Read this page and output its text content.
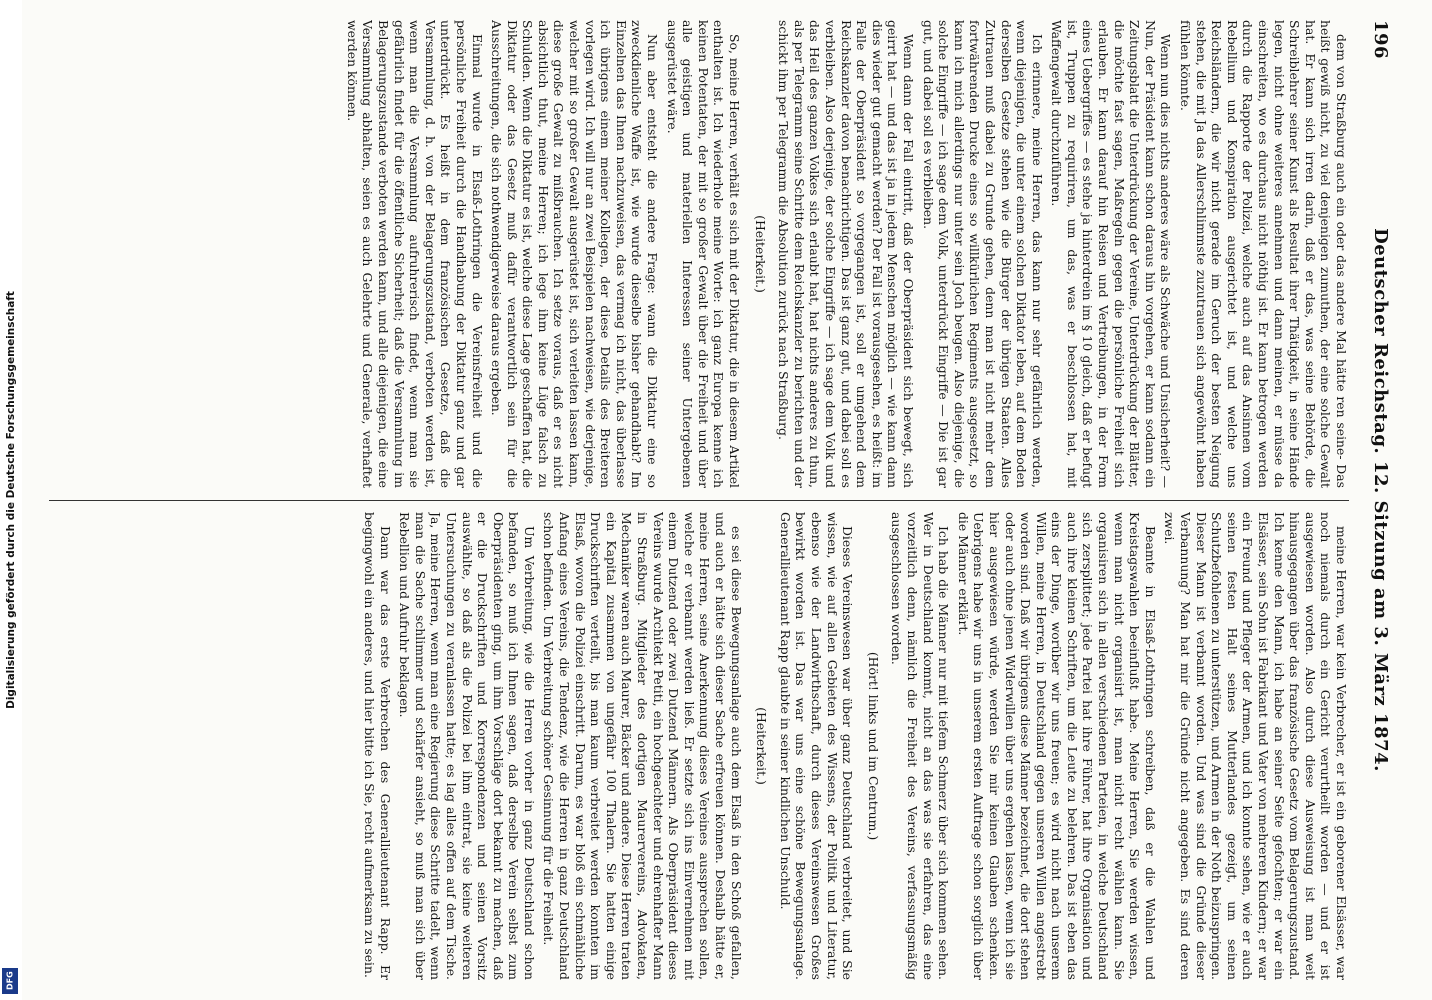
Digitalisierung gefördert durch die Deutsche Forschungsgemeinschaft
DFG
196
Deutscher Reichstag. 12. Sitzung am 3. März 1874.

dem von Straßburg auch ein oder das andere Mal hätte ren seine- Das heißt gewiß nicht, zu viel denjenigen zumuthen, der eine solche Gewalt hat. Er kann sich irren darin, daß er das, was seine Behörde, die Schreiblehrer seiner Kunst als Resultat ihrer Thätigkeit, in seine Hände legen, nicht ohne weiteres annehmen und dann meinen, er müsse da einschreiten, wo es durchaus nicht nöthig ist. Er kann betrogen werden durch die Rapporte der Polizei, welche auch auf das Ansinnen vom Rebellium und Konspiration ausgerichtet ist, und welche uns Reichsländern, die wir nicht gerade im Geruch der besten Neigung stehen, die mit Ja das Allerschlimmste zuzutrauen sich angewöhnt haben fühlen könnte.

Wenn nun dies nichts anderes wäre als Schwäche und Unsicherheit? — Nun, der Präsident kann schon daraus hin vorgehen, er kann sodann ein Zeitungsblatt die Unterdrückung der Vereine, Unterdrückung der Blätter, die möchte fast sagen, Maßregeln gegen die persönliche Freiheit sich erlauben. Er kann darauf hin Reisen und Vertreibungen, in der Form eines Uebergriffes — es stehe ja hinterdrein im § 10 gleich, daß er befugt ist, Truppen zu requiriren, um das, was er beschlossen hat, mit Waffengewalt durchzuführen.

Ich erinnere, meine Herren, das kann nur sehr gefährlich werden, wenn diejenigen, die unter einem solchen Diktator leben, auf dem Boden derselben Gesetze stehen wie die Bürger der übrigen Staaten. Alles Zutrauen muß dabei zu Grunde gehen, denn man ist nicht mehr dem fortwährenden Drucke eines so willkürlichen Regiments ausgesetzt, so kann ich mich allerdings nur unter sein Joch beugen. Also diejenige, die solche Eingriffe — ich sage dem Volk, unterdrückt Eingriffe — Die ist gar gut, und dabei soll es verbleiben.

Wenn dann der Fall eintritt, daß der Oberpräsident sich bewegt, sich geirrt hat — und das ist ja in jedem Menschen möglich — wie kann dann dies wieder gut gemacht werden? Der Fall ist vorausgesehen, es heißt: im Falle der Oberpräsident so vorgegangen ist, soll er umgehend dem Reichskanzler davon benachrichtigen. Das ist ganz gut, und dabei soll es verbleiben. Also derjenige, der solche Eingriffe — ich sage dem Volk und das Heil des ganzen Volkes sich erlaubt hat, hat nichts anderes zu thun, als per Telegramm seine Schritte dem Reichskanzler zu berichten und der schickt ihm per Telegramm die Absolution zurück nach Straßburg.

(Heiterkeit.)

So, meine Herren, verhält es sich mit der Diktatur, die in diesem Artikel enthalten ist. Ich wiederhole meine Worte: ich ganz Europa kenne ich keinen Potentaten, der mit so großer Gewalt über die Freiheit und über alle geistigen und materiellen Interessen seiner Untergebenen ausgerüstet wäre.

Nun aber entsteht die andere Frage: wann die Diktatur eine so zweckdienliche Waffe ist, wie wurde dieselbe bisher gehandhabt? Im Einzelnen das Ihnen nachzuweisen, das vermag ich nicht, das überlasse ich übrigens einem meiner Kollegen, der diese Details des Breiteren vorlegen wird. Ich will nur an zwei Beispielen nachweisen, wie derjenige, welcher mit so großer Gewalt ausgerüstet ist, sich verleiten lassen kann, diese große Gewalt zu mißbrauchen. Ich setze voraus, daß er es nicht absichtlich thut, meine Herren; ich lege ihm keine Lüge falsch zu Schulden. Wenn die Diktatur es ist, welche diese Lage geschaffen hat, die Diktatur oder das Gesetz muß dafür verantwortlich sein für die Ausschreitungen, die sich nothwendigerweise daraus ergeben.

Einmal wurde in Elsaß-Lothringen die Vereinsfreiheit und die persönliche Freiheit durch die Handhabung der Diktatur ganz und gar unterdrückt. Es heißt in dem französischen Gesetze, daß die Versammlung, d. h. von der Belagerungszustand, verboten werden ist, wenn man die Versammlung aufruhrerisch findet, wenn man sie gefährlich findet für die öffentliche Sicherheit; daß die Versammlung im Belagerungszustande verboten werden kann, und alle diejenigen, die eine Versammlung abhalten, seien es auch Gelehrte und Generale, verhaftet werden können.

meine Herren, war kein Verbrecher, er ist ein geborener Elsässer, war noch niemals durch ein Gericht verurtheilt worden — und er ist ausgewiesen worden. Also durch diese Ausweisung ist man weit hinausgegangen über das französische Gesetz vom Belagerungszustand. Ich kenne den Mann, ich habe an seiner Seite gefochten; er war ein Elsässer, sein Sohn ist Fabrikant und Vater von mehreren Kindern; er war ein Freund und Pfleger der Armen, und ich konnte sehen, wie er auch seinen festen Halt seines Mutterlandes gezeigt, um seinen Schutzbefohlenen zu unterstützen, und Armen in der Noth beizuspringen. Dieser Mann ist verbannt worden. Und was sind die Gründe dieser Verbannung? Man hat mir die Gründe nicht angegeben. Es sind deren zwei.

Beamte in Elsaß-Lothringen schreiben, daß er die Wahlen und Kreistagswahlen beeinflußt habe. Meine Herren, Sie werden wissen, wenn man nicht organisirt ist, man nicht recht wählen kann. Sie organisiren sich in allen verschiedenen Parteien, in welche Deutschland sich zersplittert; jede Partei hat ihre Führer, hat ihre Organisation und auch ihre kleinen Schriften, um die Leute zu belehren. Das ist eben das eins der Dinge, worüber wir uns freuen; es wird nicht nach unserem Willen, meine Herren, in Deutschland gegen unseren Willen angestrebt worden sind. Daß wir übrigens diese Männer bezeichnet, die dort stehen oder auch ohne jenen Widerwillen über uns ergehen lassen, wenn ich sie hier ausgewiesen würde, werden Sie mir keinen Glauben schenken. Uebrigens habe wir uns in unserem ersten Auftrage schon sorglich über die Männer erklärt.

Ich hab die Männer nur mit tiefem Schmerz über sich kommen sehen. Wer in Deutschland kommt, nicht an das was sie erfahren, das eine vorzeitlich denn, nämlich die Freiheit des Vereins, verfassungsmäßig ausgeschlossen worden.

(Hört! links und im Centrum.)

Dieses Vereinswesen war über ganz Deutschland verbreitet, und Sie wissen, wie auf allen Gebieten des Wissens, der Politik und Literatur, ebenso wie der Landwirthschaft, durch dieses Vereinswesen Großes bewirkt worden ist. Das war uns eine schöne Bewegungsanlage. Generallieutenant Rapp glaubte in seiner kindlichen Unschuld.

(Heiterkeit.)

es sei diese Bewegungsanlage auch dem Elsaß in den Schoß gefallen, und auch er hätte sich dieser Sache erfreuen können. Deshalb hätte er, meine Herren, seine Anerkennung dieses Vereines aussprechen sollen, welche er verbannt werden ließ. Er setzte sich ins Einvernehmen mit einem Dutzend oder zwei Dutzend Männern. Als Oberpräsident dieses Vereins wurde Architekt Petiti, ein hochgeachteter und ehrenhafter Mann in Straßburg. Mitglieder des dortigen Maurervereins, Advokaten, Mechaniker waren auch Maurer, Bäcker und andere. Diese Herren traten ein Kapital zusammen von ungefähr 100 Thalern. Sie hatten einige Druckschriften verteilt, bis man kaum verbreitet werden konnten im Elsaß, wovon die Polizei einschritt. Darum, es war bloß ein schmähliche Anfang eines Vereins, die Tendenz, wie die Herren in ganz Deutschland schon befinden. Um Verbreitung schöner Gesinnung für die Freiheit.

Um Verbreitung, wie die Herren vorher in ganz Deutschland schon befanden, so muß ich Ihnen sagen, daß derselbe Verein selbst zum Oberpräsidenten ging, um ihm Vorschläge dort bekannt zu machen, daß er die Druckschriften und Korrespondenzen und seinen Vorsitz auswählte, so daß als die Polizei bei ihm eintrat, sie keine weiteren Untersuchungen zu veranlassen hatte; es lag alles offen auf dem Tische. Ja, meine Herren, wenn man eine Regierung diese Schritte tadelt, wenn man die Sache schlimmer und schärfer ansieht, so muß man sich über Rebellion und Aufruhr beklagen.

Dann war das erste Verbrechen des Generallieutenant Rapp. Er begingwohl ein anderes, und hier bitte ich Sie, recht aufmerksam zu sein.
